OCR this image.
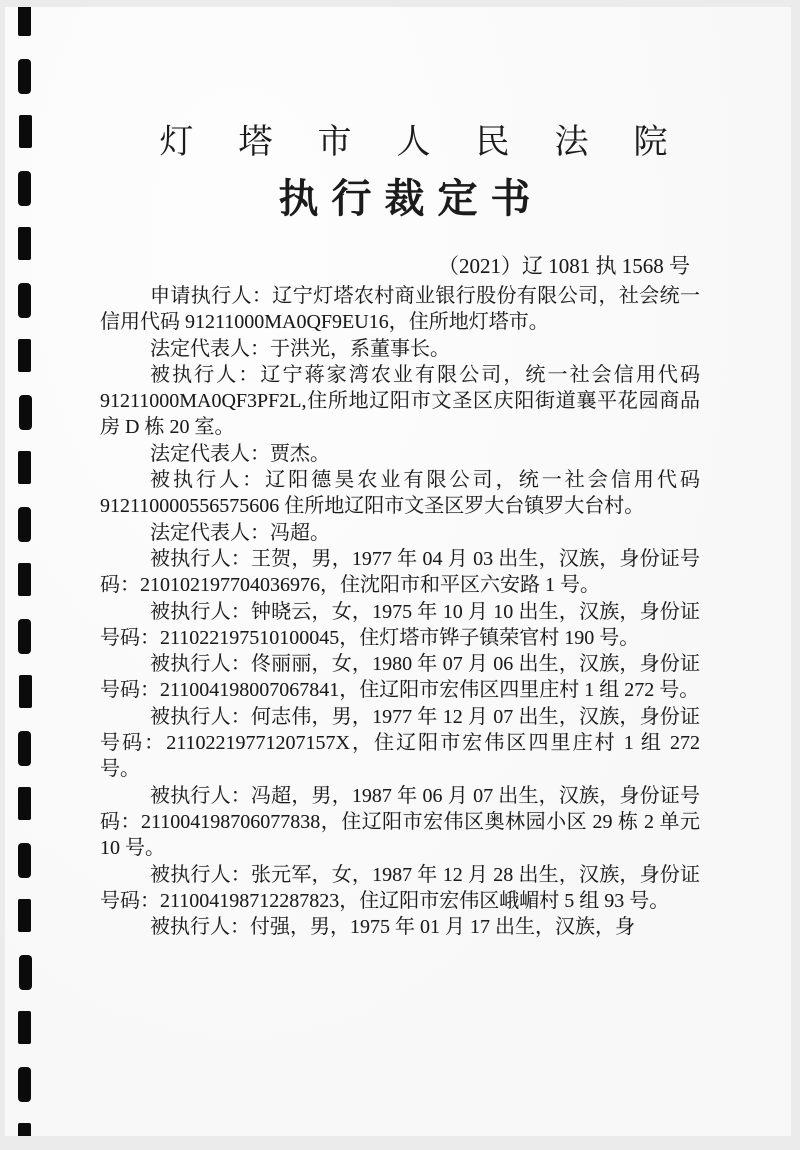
灯塔市人民法院
执行裁定书
（2021）辽 1081 执 1568 号

申请执行人：辽宁灯塔农村商业银行股份有限公司，社会统一信用代码 91211000MA0QF9EU16，住所地灯塔市。

法定代表人：于洪光，系董事长。

被执行人：辽宁蒋家湾农业有限公司，统一社会信用代码 91211000MA0QF3PF2L,住所地辽阳市文圣区庆阳街道襄平花园商品房 D 栋 20 室。

法定代表人：贾杰。

被执行人：辽阳德昊农业有限公司，统一社会信用代码 912110000556575606 住所地辽阳市文圣区罗大台镇罗大台村。

法定代表人：冯超。

被执行人：王贺，男，1977 年 04 月 03 出生，汉族，身份证号码：210102197704036976，住沈阳市和平区六安路 1 号。

被执行人：钟晓云，女，1975 年 10 月 10 出生，汉族，身份证号码：211022197510100045，住灯塔市铧子镇荣官村 190 号。

被执行人：佟丽丽，女，1980 年 07 月 06 出生，汉族，身份证号码：211004198007067841，住辽阳市宏伟区四里庄村 1 组 272 号。

被执行人：何志伟，男，1977 年 12 月 07 出生，汉族，身份证号码：21102219771207157X，住辽阳市宏伟区四里庄村 1 组 272 号。

被执行人：冯超，男，1987 年 06 月 07 出生，汉族，身份证号码：211004198706077838，住辽阳市宏伟区奥林园小区 29 栋 2 单元 10 号。

被执行人：张元军，女，1987 年 12 月 28 出生，汉族，身份证号码：211004198712287823，住辽阳市宏伟区峨嵋村 5 组 93 号。

被执行人：付强，男，1975 年 01 月 17 出生，汉族，身
